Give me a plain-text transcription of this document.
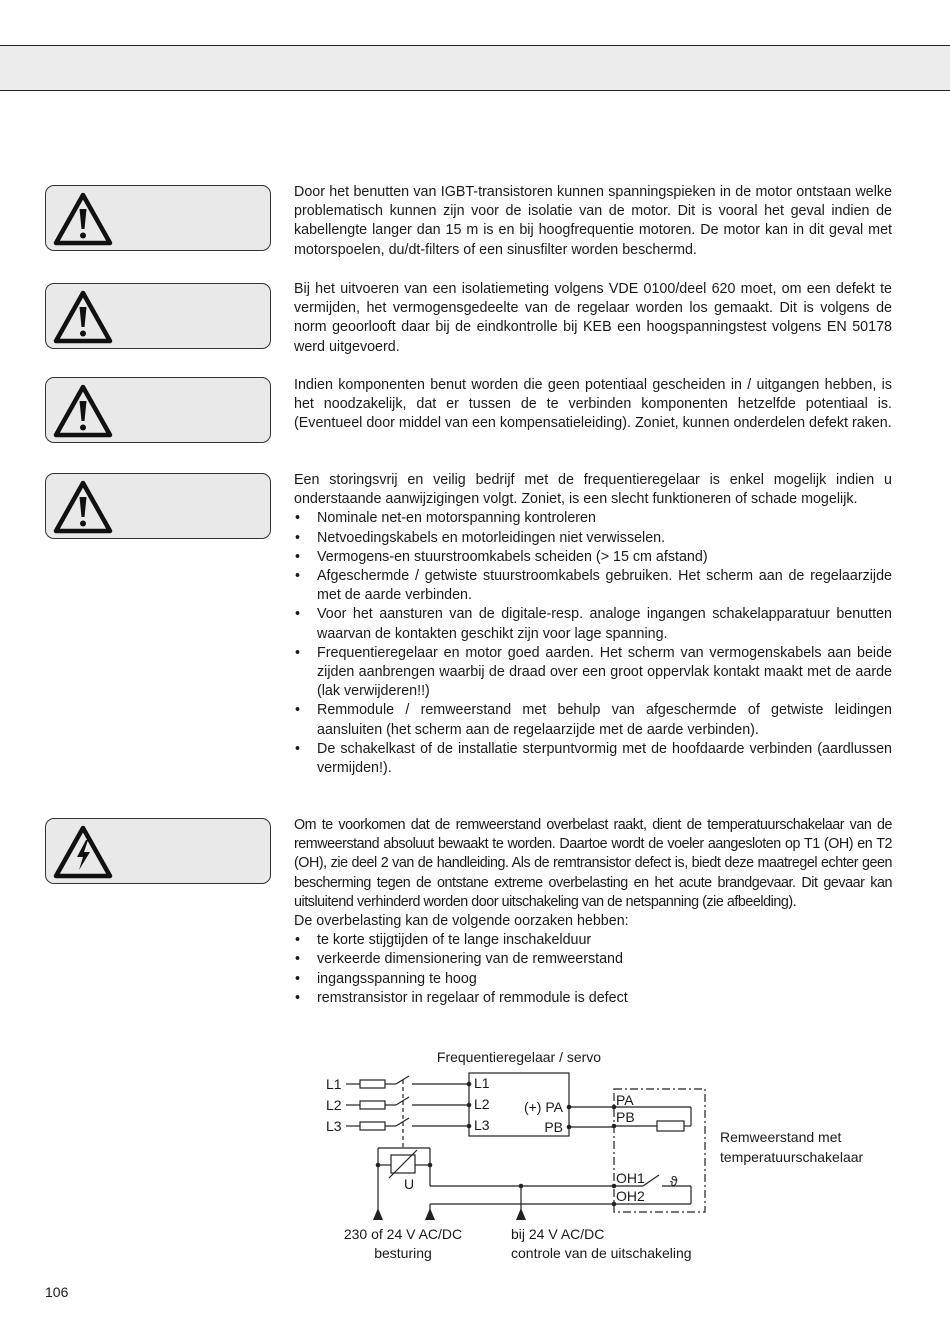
Door het benutten van IGBT-transistoren kunnen spanningspieken in de motor ontstaan welke problematisch kunnen zijn voor de isolatie van de motor. Dit is vooral het geval indien de kabellengte langer dan 15 m is en bij hoogfrequentie motoren. De motor kan in dit geval met motorspoelen, du/dt-filters of een sinusfilter worden beschermd.

Bij het uitvoeren van een isolatiemeting volgens VDE 0100/deel 620 moet, om een defekt te vermijden, het vermogensgedeelte van de regelaar worden los gemaakt. Dit is volgens de norm geoorlooft daar bij de eindkontrolle bij KEB een hoogspanningstest volgens EN 50178 werd uitgevoerd.

Indien komponenten benut worden die geen potentiaal gescheiden in / uitgangen hebben, is het noodzakelijk, dat er tussen de te verbinden komponenten hetzelfde potentiaal is. (Eventueel door middel van een kompensatieleiding). Zoniet, kunnen onderdelen defekt raken.

Een storingsvrij en veilig bedrijf met de frequentieregelaar is enkel mogelijk indien u onderstaande aanwijzigingen volgt. Zoniet, is een slecht funktioneren of schade mogelijk.

• Nominale net-en motorspanning kontroleren
• Netvoedingskabels en motorleidingen niet verwisselen.
• Vermogens-en stuurstroomkabels scheiden (> 15 cm afstand)
• Afgeschermde / getwiste stuurstroomkabels gebruiken. Het scherm aan de regelaarzijde met de aarde verbinden.
• Voor het aansturen van de digitale-resp. analoge ingangen schakelapparatuur benutten waarvan de kontakten geschikt zijn voor lage spanning.
• Frequentieregelaar en motor goed aarden. Het scherm van vermogenskabels aan beide zijden aanbrengen waarbij de draad over een groot oppervlak kontakt maakt met de aarde (lak verwijderen!!)
• Remmodule / remweerstand met behulp van afgeschermde of getwiste leidingen aansluiten (het scherm aan de regelaarzijde met de aarde verbinden).
• De schakelkast of de installatie sterpuntvormig met de hoofdaarde verbinden (aardlussen vermijden!).

Om te voorkomen dat de remweerstand overbelast raakt, dient de temperatuurschakelaar van de remweerstand absoluut bewaakt te worden. Daartoe wordt de voeler aangesloten op T1 (OH) en T2 (OH), zie deel 2 van de handleiding. Als de remtransistor defect is, biedt deze maatregel echter geen bescherming tegen de ontstane extreme overbelasting en het acute brandgevaar. Dit gevaar kan uitsluitend verhinderd worden door uitschakeling van de netspanning (zie afbeelding).

De overbelasting kan de volgende oorzaken hebben:

• te korte stijgtijden of te lange inschakelduur
• verkeerde dimensionering van de remweerstand
• ingangsspanning te hoog
• remstransistor in regelaar of remmodule is defect
Frequentieregelaar / servo
L1
L2
L3
L1
L2
L3
(+) PA
PB
PA
PB
OH1
OH2
ϑ
U
Remweerstand met
temperatuurschakelaar
230 of 24 V AC/DC
besturing
bij 24 V AC/DC
controle van de uitschakeling
106
